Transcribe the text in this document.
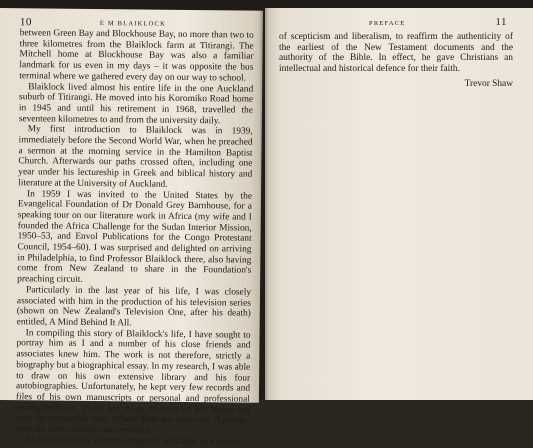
10	E M BLAIKLOCK

between Green Bay and Blockhouse Bay, no more than two to three kilometres from the Blaiklock farm at Titirangi. The Mitchell home at Blockhouse Bay was also a familiar landmark for us even in my days – it was opposite the bus terminal where we gathered every day on our way to school.

Blaiklock lived almost his entire life in the one Auckland suburb of Titirangi. He moved into his Koromiko Road home in 1945 and until his retirement in 1968, travelled the seventeen kilometres to and from the university daily.

My first introduction to Blaiklock was in 1939, immediately before the Second World War, when he preached a sermon at the morning service in the Hamilton Baptist Church. Afterwards our paths crossed often, including one year under his lectureship in Greek and biblical history and literature at the University of Auckland.

In 1959 I was invited to the United States by the Evangelical Foundation of Dr Donald Grey Barnhouse, for a speaking tour on our literature work in Africa (my wife and I founded the Africa Challenge for the Sudan Interior Mission, 1950–53, and Envol Publications for the Congo Protestant Council, 1954–60). I was surprised and delighted on arriving in Philadelphia, to find Professor Blaiklock there, also having come from New Zealand to share in the Foundation's preaching circuit.

Particularly in the last year of his life, I was closely associated with him in the production of his television series (shown on New Zealand's Television One, after his death) entitled, A Mind Behind It All.

In compiling this story of Blaiklock's life, I have sought to portray him as I and a number of his close friends and associates knew him. The work is not therefore, strictly a biography but a biographical essay. In my research, I was able to draw on his own extensive library and his four autobiographies. Unfortunately, he kept very few records and files of his own manuscripts or personal and professional correspondence. There are many reviews of his books but only the favourable ones. Where there are notes and clippings, they are often undated and unsorted.

An intellect and a scholar, Blaiklock was able, in a period

PREFACE	11

of scepticism and liberalism, to reaffirm the authenticity of the earliest of the New Testament documents and the authority of the Bible. In effect, he gave Christians an intellectual and historical defence for their faith.

Trevor Shaw
